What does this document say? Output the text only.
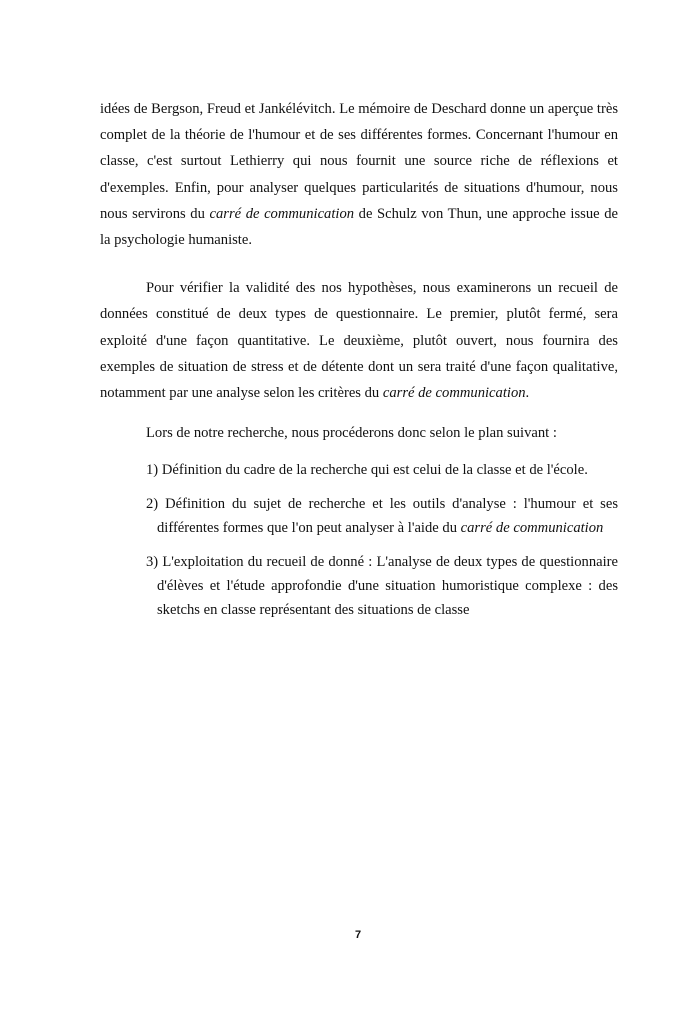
idées de Bergson, Freud et Jankélévitch. Le mémoire de Deschard donne un aperçue très complet de la théorie de l'humour et de ses différentes formes. Concernant l'humour en classe, c'est surtout Lethierry qui nous fournit une source riche de réflexions et d'exemples. Enfin, pour analyser quelques particularités de situations d'humour, nous nous servirons du carré de communication de Schulz von Thun, une approche issue de la psychologie humaniste.

Pour vérifier la validité des nos hypothèses, nous examinerons un recueil de données constitué de deux types de questionnaire. Le premier, plutôt fermé, sera exploité d'une façon quantitative. Le deuxième, plutôt ouvert, nous fournira des exemples de situation de stress et de détente dont un sera traité d'une façon qualitative, notamment par une analyse selon les critères du carré de communication.

Lors de notre recherche, nous procéderons donc selon le plan suivant :

1) Définition du cadre de la recherche qui est celui de la classe et de l'école.
2) Définition du sujet de recherche et les outils d'analyse : l'humour et ses différentes formes que l'on peut analyser à l'aide du carré de communication
3) L'exploitation du recueil de donné : L'analyse de deux types de questionnaire d'élèves et l'étude approfondie d'une situation humoristique complexe : des sketchs en classe représentant des situations de classe
7
